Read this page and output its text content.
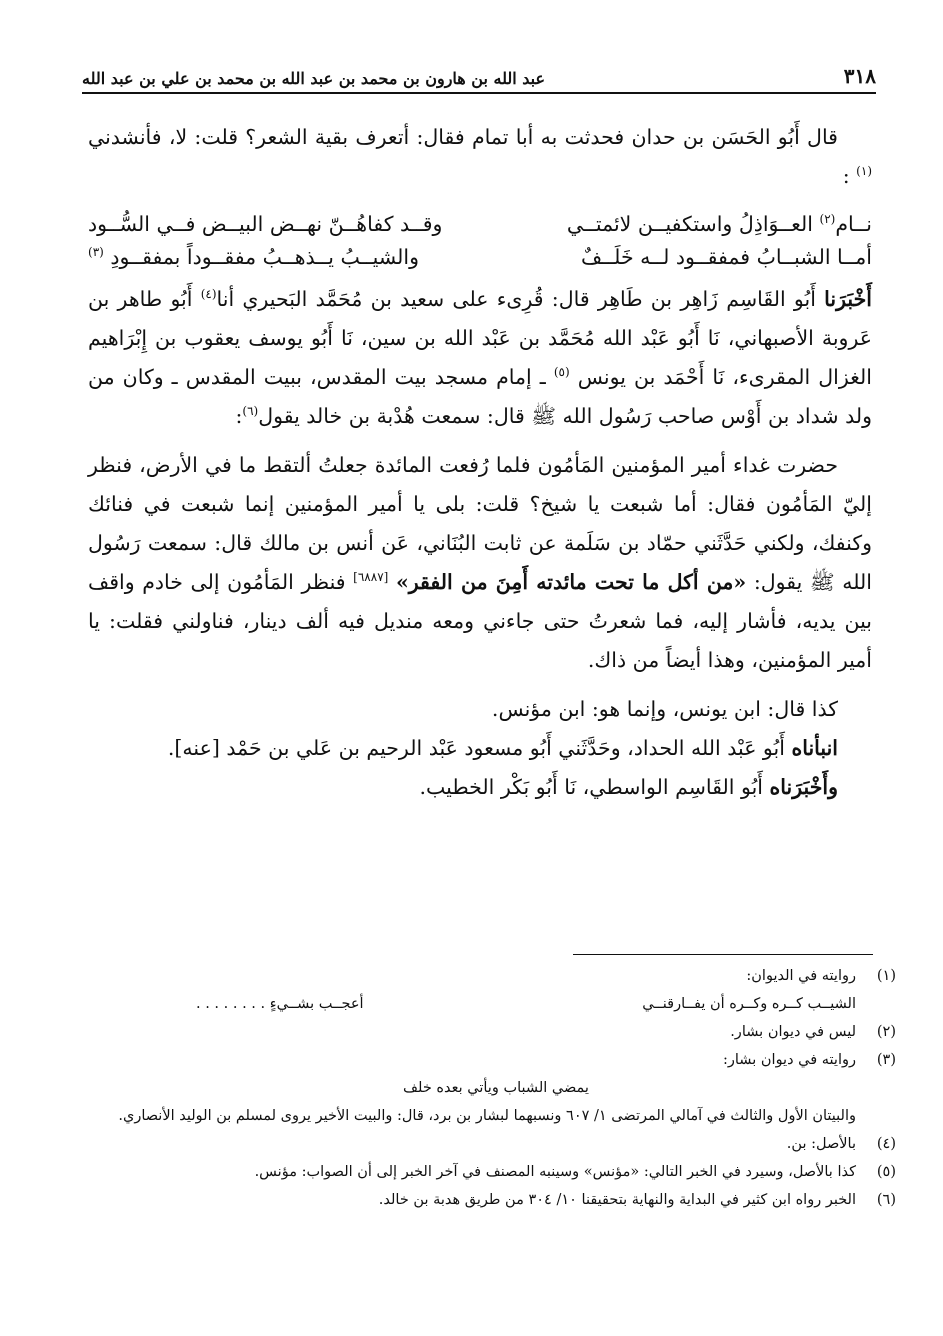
٣١٨
عبد الله بن هارون بن محمد بن عبد الله بن محمد بن علي بن عبد الله

قال أَبُو الحَسَن بن حدان فحدثت به أبا تمام فقال: أتعرف بقية الشعر؟ قلت: لا، فأنشدني $^{(١)}$ :

نــام$^{(٢)}$ العــوَاذِلُ واستكفيــن لائمتــي
وقــد كفاهُــنّ نهــض البيــض فــي السُّــود
أمــا الشبــابُ فمفقــود لــه خَلَــفٌ
والشيــبُ يــذهــبُ مفقــوداً بمفقــودِ $^{(٣)}$

أَخْبَرَنا أَبُو القَاسِم زَاهِر بن طَاهِر قال: قُرِىء على سعيد بن مُحَمَّد البَحيري أنا$^{(٤)}$ أَبُو طاهر بن عَروبة الأصبهاني، نَا أَبُو عَبْد الله مُحَمَّد بن عَبْد الله بن سين، نَا أَبُو يوسف يعقوب بن إِبْرَاهيم الغزال المقرىء، نَا أَحْمَد بن يونس $^{(٥)}$ ـ إمام مسجد بيت المقدس، ببيت المقدس ـ وكان من ولد شداد بن أَوْس صاحب رَسُول الله ﷺ قال: سمعت هُدْبة بن خالد يقول$^{(٦)}$:

حضرت غداء أمير المؤمنين المَأمُون فلما رُفعت المائدة جعلتُ ألتقط ما في الأرض، فنظر إليّ المَأمُون فقال: أما شبعت يا شيخ؟ قلت: بلى يا أمير المؤمنين إنما شبعت في فنائك وكنفك، ولكني حَدَّثَني حمّاد بن سَلَمة عن ثابت البُنَاني، عَن أنس بن مالك قال: سمعت رَسُول الله ﷺ يقول: «من أكل ما تحت مائدته أَمِنَ من الفقر» [٦٨٨٧] فنظر المَأمُون إلى خادم واقف بين يديه، فأشار إليه، فما شعرتُ حتى جاءني ومعه منديل فيه ألف دينار، فناولني فقلت: يا أمير المؤمنين، وهذا أيضاً من ذاك.

كذا قال: ابن يونس، وإنما هو: ابن مؤنس.

انبأناه أَبُو عَبْد الله الحداد، وحَدَّثَني أَبُو مسعود عَبْد الرحيم بن عَلي بن حَمْد [عنه].

وأَخْبَرَناه أَبُو القَاسِم الواسطي، نَا أَبُو بَكْر الخطيب.

(١)
روايته في الديوان:
الشيــب كــره وكــره أن يفــارقنــي
أعجــب بشــيءٍ . . . . . . . .
(٢)
ليس في ديوان بشار.
(٣)
روايته في ديوان بشار:
يمضي الشباب ويأتي بعده خلف
والبيتان الأول والثالث في آمالي المرتضى ١/ ٦٠٧ ونسبهما لبشار بن برد، قال: والبيت الأخير يروى لمسلم بن الوليد الأنصاري.
(٤)
بالأصل: بن.
(٥)
كذا بالأصل، وسيرد في الخبر التالي: «مؤنس» وسينبه المصنف في آخر الخبر إلى أن الصواب: مؤنس.
(٦)
الخبر رواه ابن كثير في البداية والنهاية بتحقيقنا ١٠/ ٣٠٤ من طريق هدبة بن خالد.
